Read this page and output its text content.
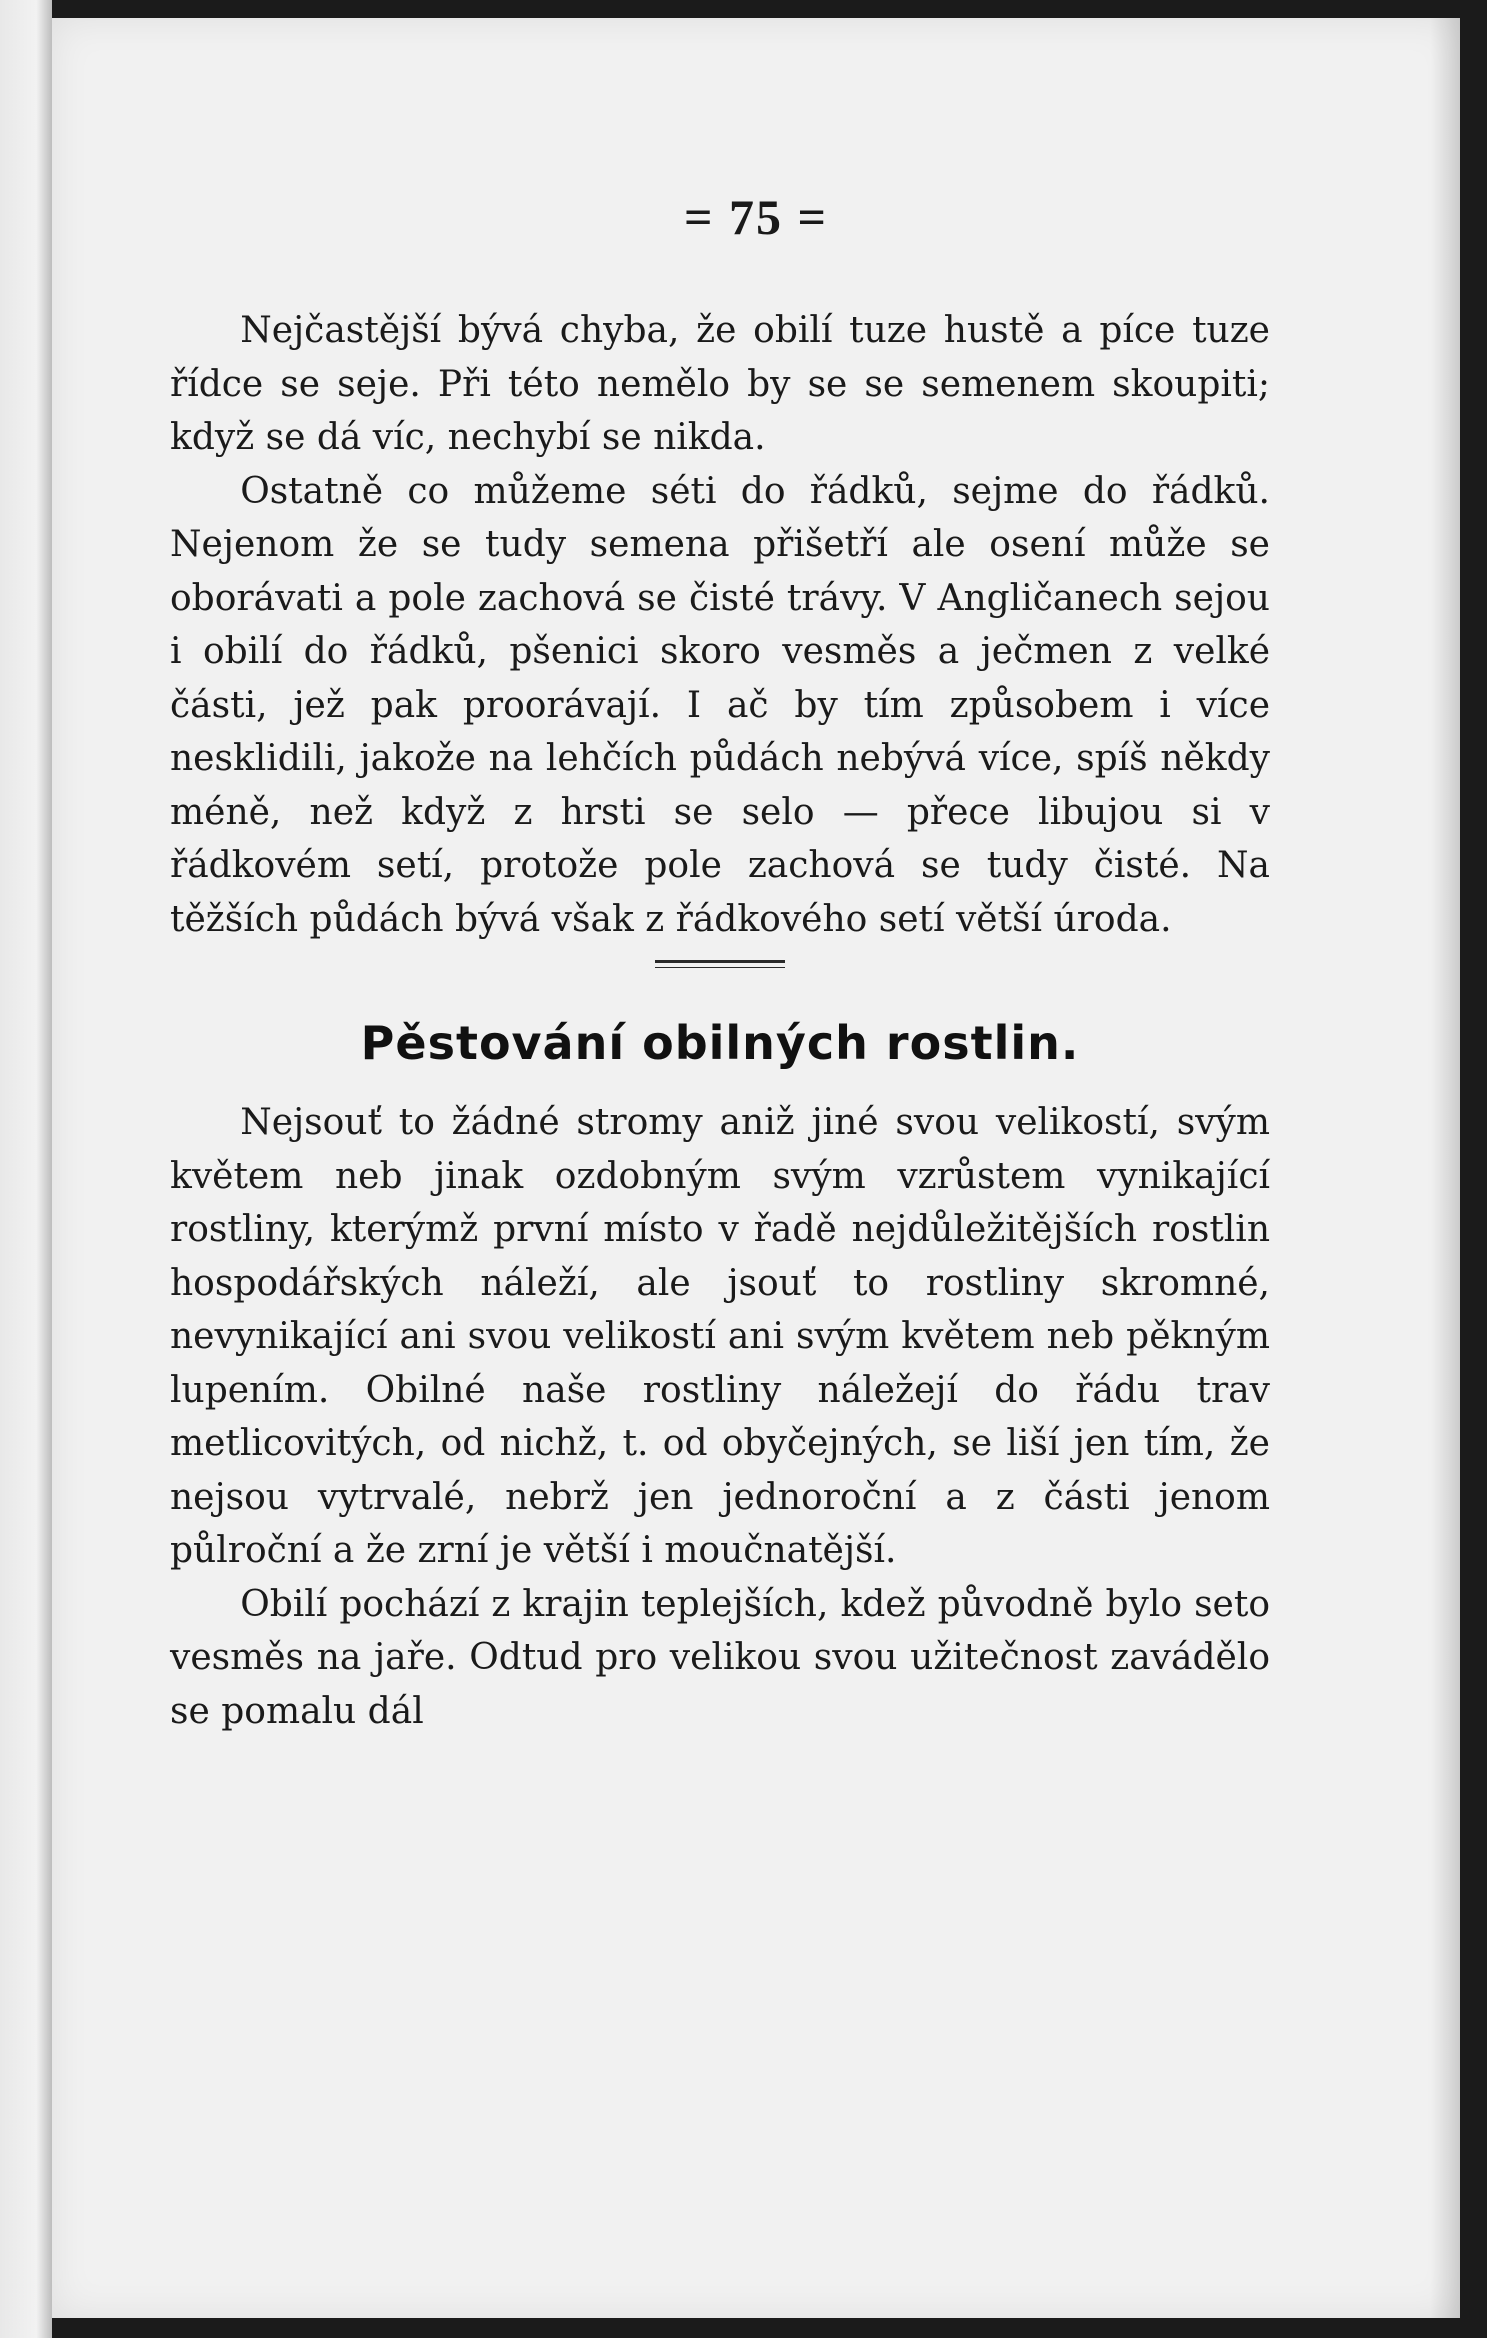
= 75 =

Nejčastější bývá chyba, že obilí tuze hustě a píce tuze řídce se seje. Při této nemělo by se se semenem skoupiti; když se dá víc, nechybí se nikda.

Ostatně co můžeme séti do řádků, sejme do řádků. Nejenom že se tudy semena přišetří ale osení může se oborávati a pole zachová se čisté trávy. V Angličanech sejou i obilí do řádků, pšenici skoro vesměs a ječmen z velké části, jež pak proorávají. I ač by tím způsobem i více nesklidili, jakože na lehčích půdách nebývá více, spíš někdy méně, než když z hrsti se selo — přece libujou si v řádkovém setí, protože pole zachová se tudy čisté. Na těžších půdách bývá však z řádkového setí větší úroda.

Pěstování obilných rostlin.

Nejsouť to žádné stromy aniž jiné svou velikostí, svým květem neb jinak ozdobným svým vzrůstem vynikající rostliny, kterýmž první místo v řadě nejdůležitějších rostlin hospodářských náleží, ale jsouť to rostliny skromné, nevynikající ani svou velikostí ani svým květem neb pěkným lupením. Obilné naše rostliny náležejí do řádu trav metlicovitých, od nichž, t. od obyčejných, se liší jen tím, že nejsou vytrvalé, nebrž jen jednoroční a z části jenom půlroční a že zrní je větší i moučnatější.

Obilí pochází z krajin teplejších, kdež původně bylo seto vesměs na jaře. Odtud pro velikou svou užitečnost zavádělo se pomalu dál
